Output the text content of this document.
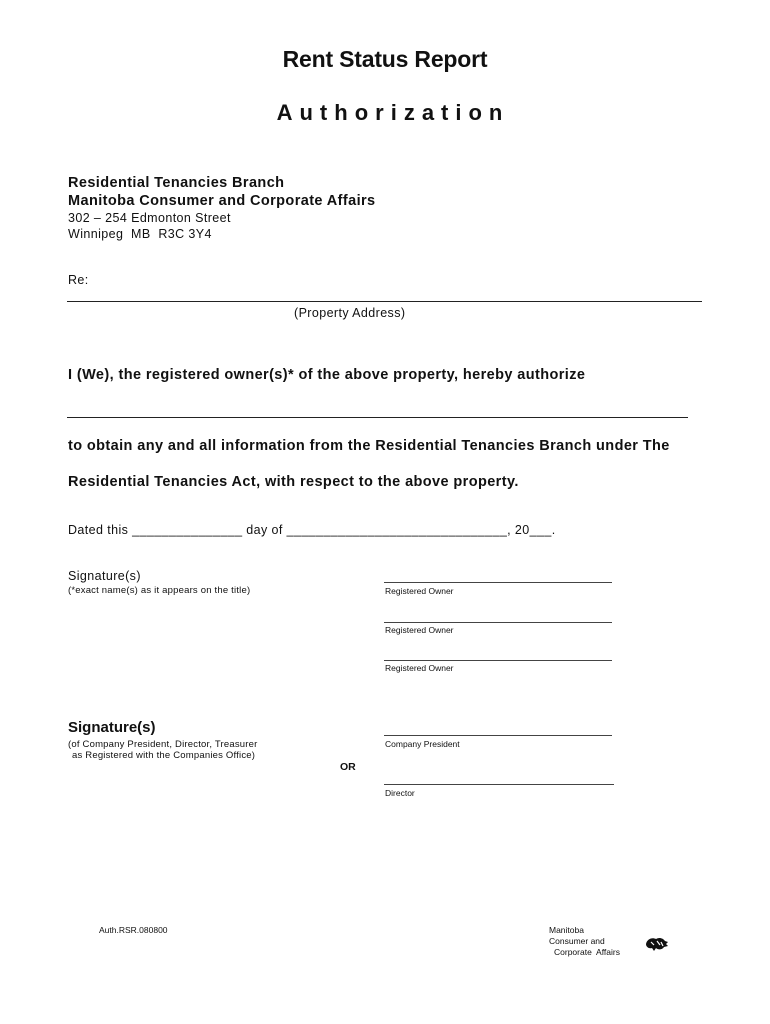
Rent Status Report
Authorization
Residential Tenancies Branch
Manitoba Consumer and Corporate Affairs
302 – 254 Edmonton Street
Winnipeg  MB  R3C 3Y4
Re:
(Property Address)
I (We), the registered owner(s)* of the above property, hereby authorize
to obtain any and all information from the Residential Tenancies Branch under The
Residential Tenancies Act, with respect to the above property.
Dated this _______________ day of ______________________________, 20___.
Signature(s)
(*exact name(s) as it appears on the title)	Registered Owner
Registered Owner
Registered Owner
Signature(s)
(of Company President, Director, Treasurer
as Registered with the Companies Office)
Company President
OR
Director
Auth.RSR.080800	Manitoba
Consumer and
Corporate  Affairs
